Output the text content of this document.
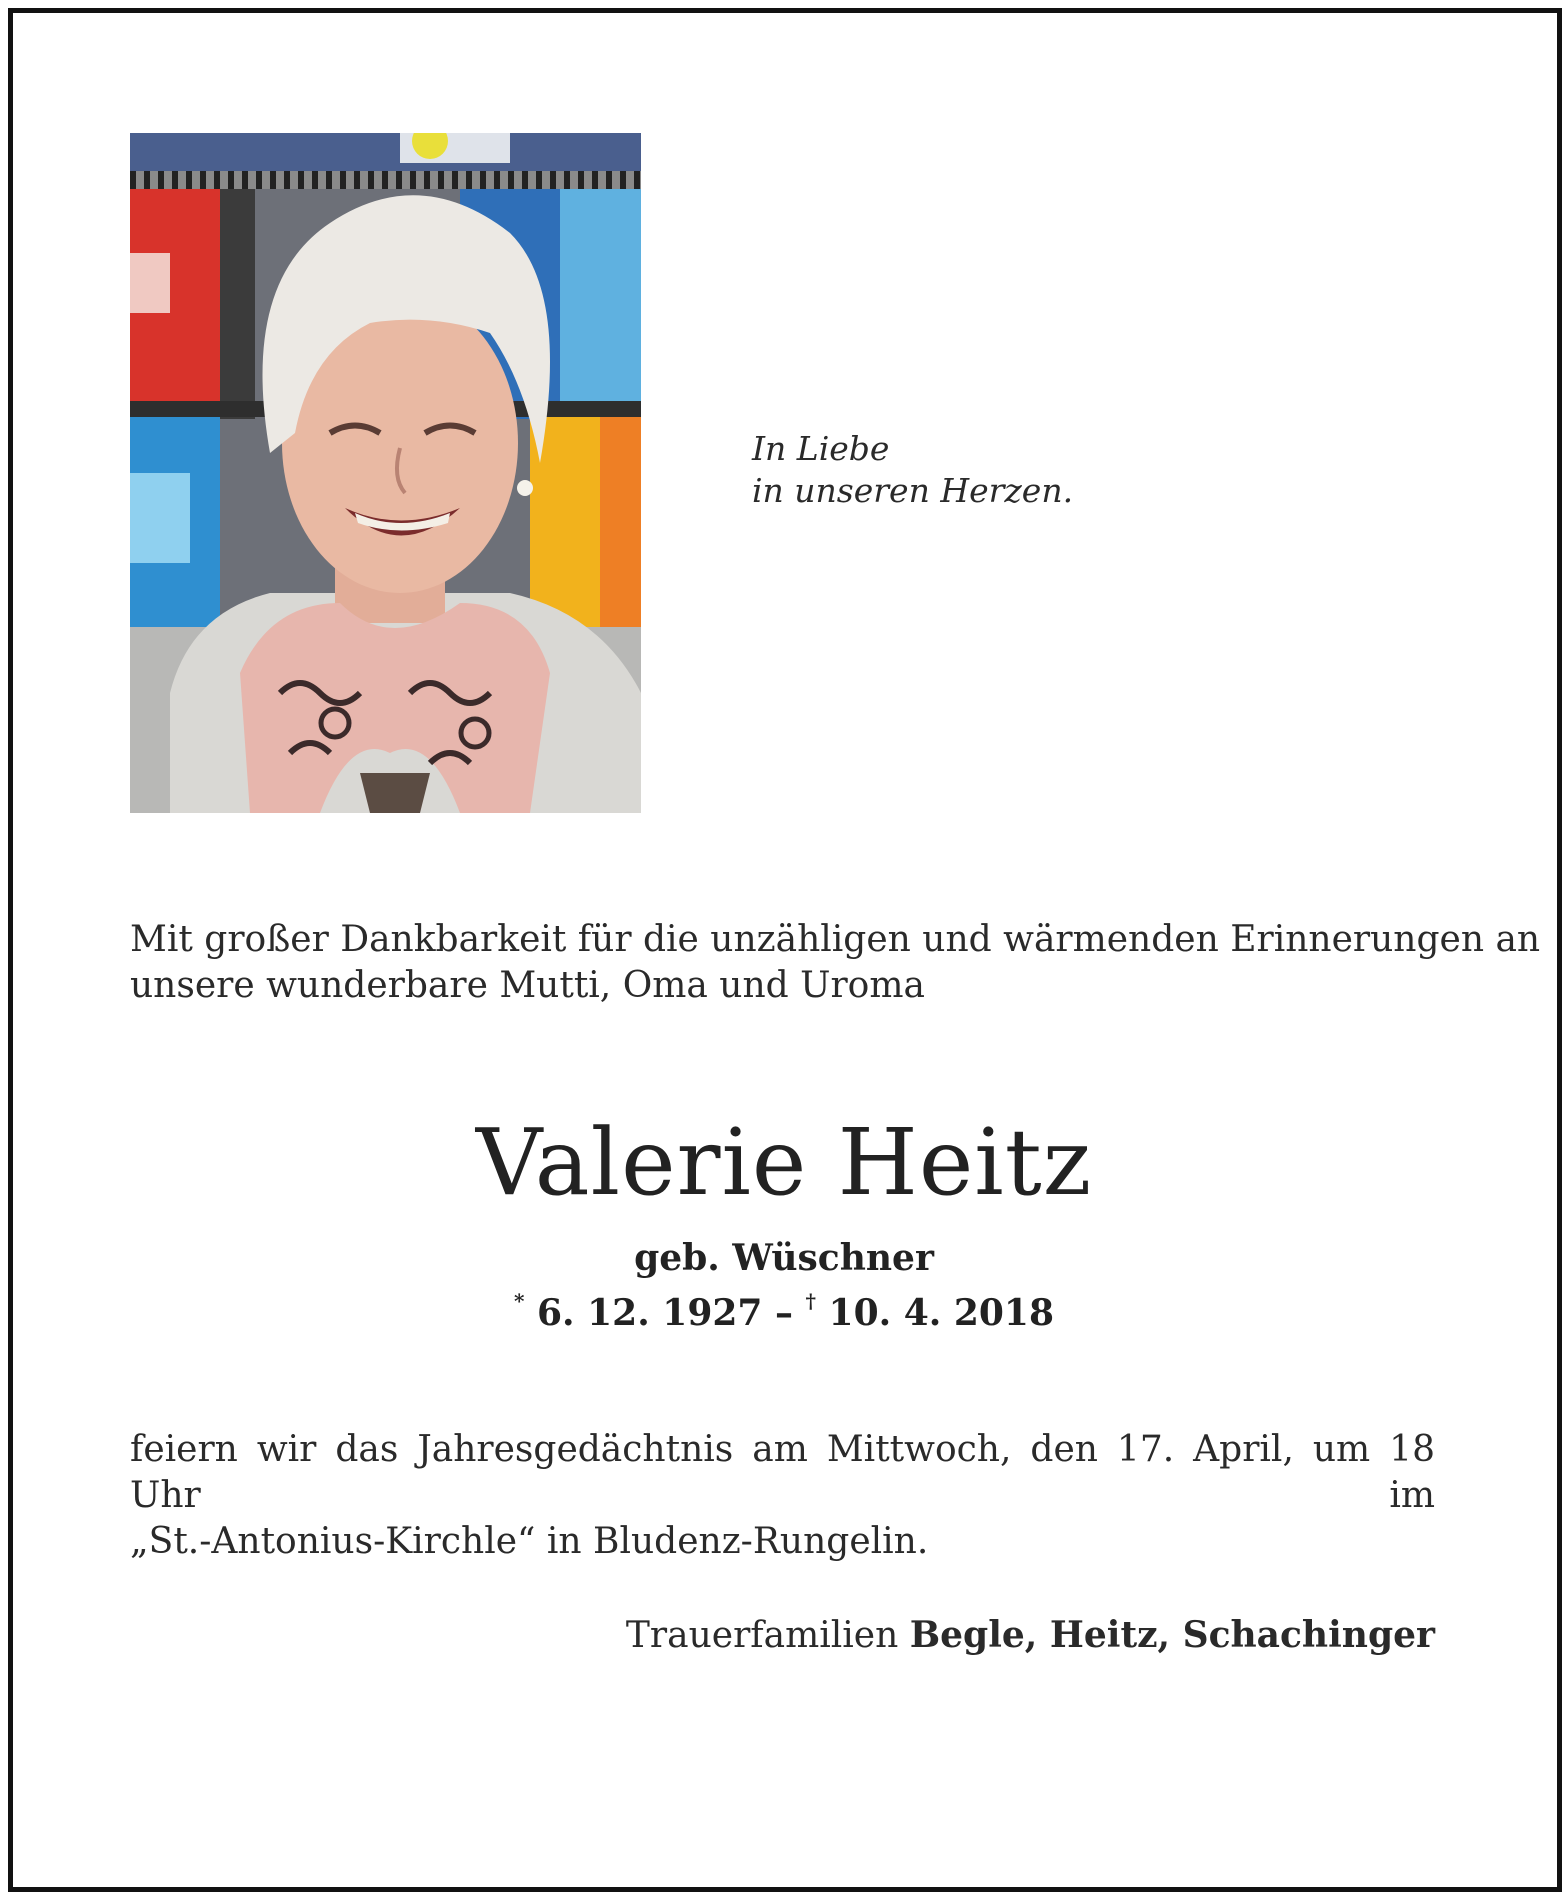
In Liebe
in unseren Herzen.
Mit großer Dankbarkeit für die unzähligen und wärmenden Erinnerungen an
unsere wunderbare Mutti, Oma und Uroma
Valerie Heitz
geb. Wüschner
* 6. 12. 1927 – † 10. 4. 2018
feiern wir das Jahresgedächtnis am Mittwoch, den 17. April, um 18 Uhr im
„St.-Antonius-Kirchle“ in Bludenz-Rungelin.
Trauerfamilien Begle, Heitz, Schachinger
